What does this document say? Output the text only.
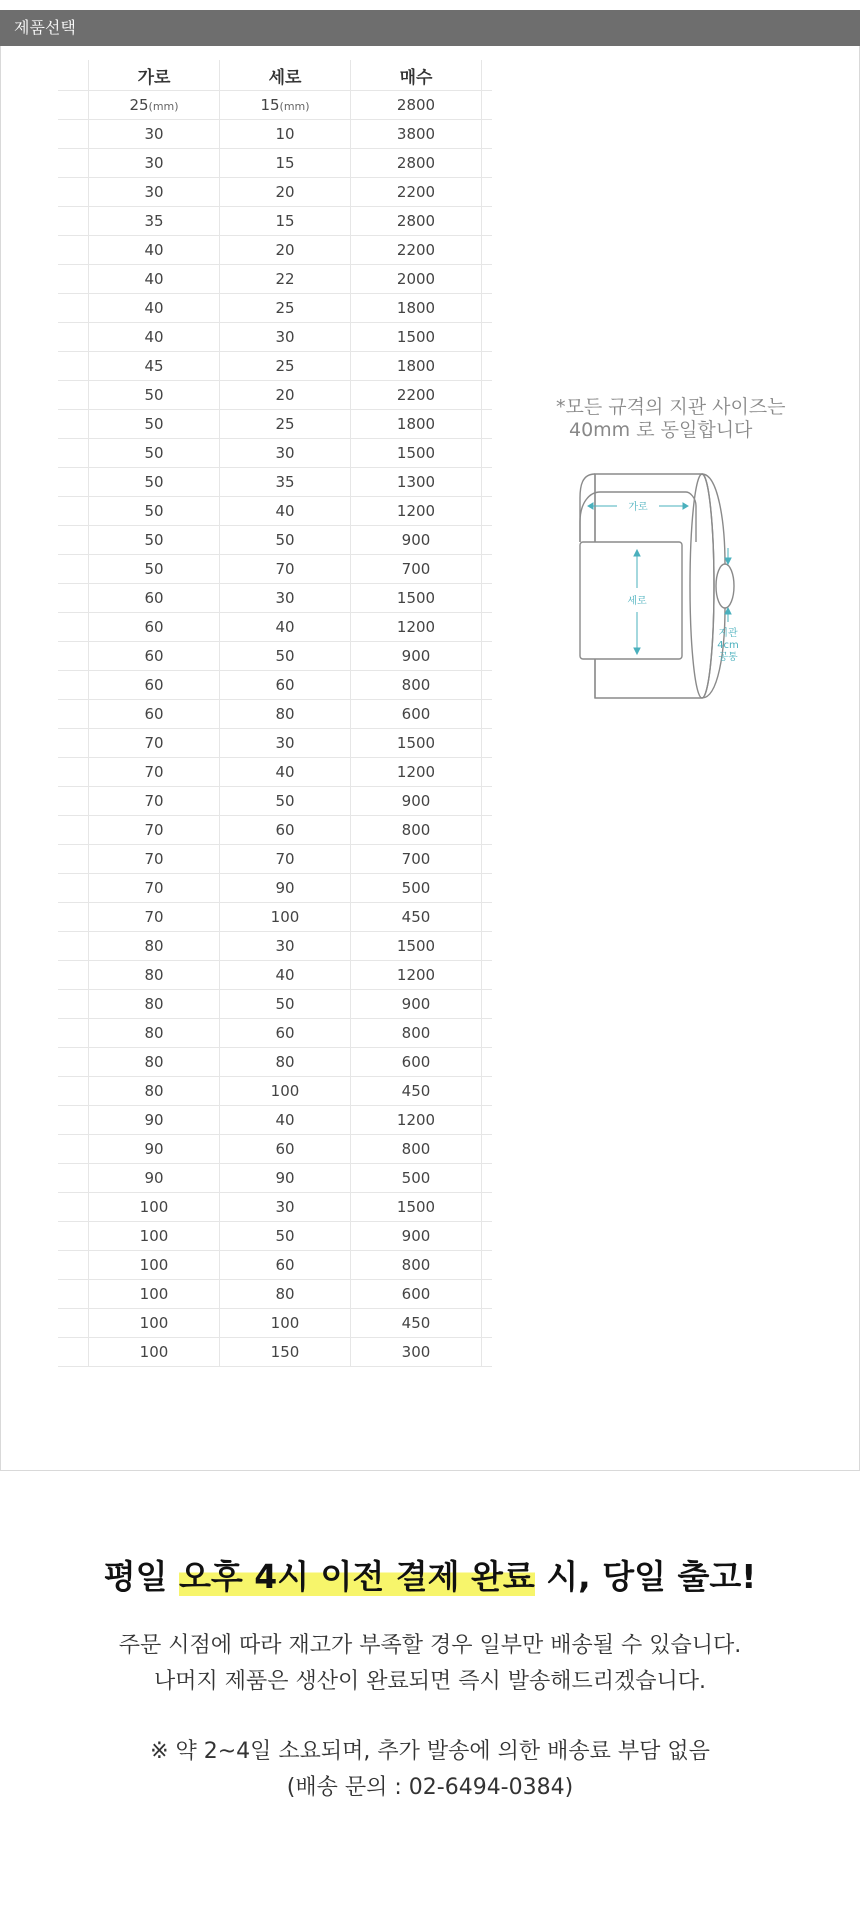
제품선택
	가로	세로	매수	
	25(mm)	15(mm)	2800	
	30	10	3800	
	30	15	2800	
	30	20	2200	
	35	15	2800	
	40	20	2200	
	40	22	2000	
	40	25	1800	
	40	30	1500	
	45	25	1800	
	50	20	2200	
	50	25	1800	
	50	30	1500	
	50	35	1300	
	50	40	1200	
	50	50	900	
	50	70	700	
	60	30	1500	
	60	40	1200	
	60	50	900	
	60	60	800	
	60	80	600	
	70	30	1500	
	70	40	1200	
	70	50	900	
	70	60	800	
	70	70	700	
	70	90	500	
	70	100	450	
	80	30	1500	
	80	40	1200	
	80	50	900	
	80	60	800	
	80	80	600	
	80	100	450	
	90	40	1200	
	90	60	800	
	90	90	500	
	100	30	1500	
	100	50	900	
	100	60	800	
	100	80	600	
	100	100	450	
	100	150	300	
*모든 규격의 지관 사이즈는
40mm 로 동일합니다
가로
세로
지관
4cm
공통
평일 오후 4시 이전 결제 완료 시, 당일 출고!
주문 시점에 따라 재고가 부족할 경우 일부만 배송될 수 있습니다.
나머지 제품은 생산이 완료되면 즉시 발송해드리겠습니다.
※ 약 2~4일 소요되며, 추가 발송에 의한 배송료 부담 없음
(배송 문의 : 02-6494-0384)
